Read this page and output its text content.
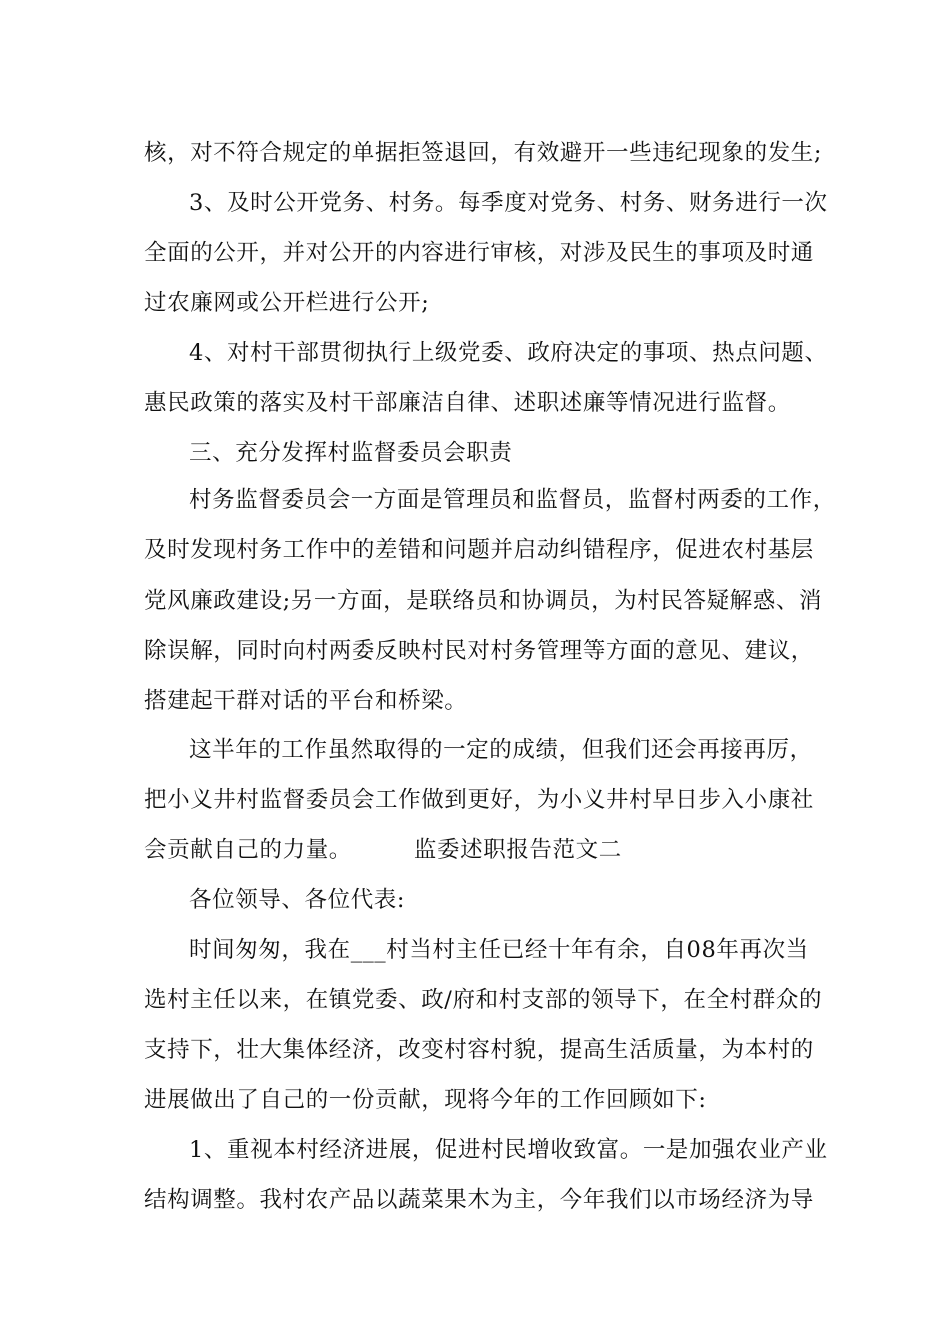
核，对不符合规定的单据拒签退回，有效避开一些违纪现象的发生;
3、及时公开党务、村务。每季度对党务、村务、财务进行一次
全面的公开，并对公开的内容进行审核，对涉及民生的事项及时通
过农廉网或公开栏进行公开;
4、对村干部贯彻执行上级党委、政府决定的事项、热点问题、
惠民政策的落实及村干部廉洁自律、述职述廉等情况进行监督。
三、充分发挥村监督委员会职责
村务监督委员会一方面是管理员和监督员，监督村两委的工作，
及时发现村务工作中的差错和问题并启动纠错程序，促进农村基层
党风廉政建设;另一方面，是联络员和协调员，为村民答疑解惑、消
除误解，同时向村两委反映村民对村务管理等方面的意见、建议，
搭建起干群对话的平台和桥梁。
这半年的工作虽然取得的一定的成绩，但我们还会再接再厉，
把小义井村监督委员会工作做到更好，为小义井村早日步入小康社
会贡献自己的力量。        监委述职报告范文二
各位领导、各位代表:
时间匆匆，我在___村当村主任已经十年有余，自08年再次当
选村主任以来，在镇党委、政/府和村支部的领导下，在全村群众的
支持下，壮大集体经济，改变村容村貌，提高生活质量，为本村的
进展做出了自己的一份贡献，现将今年的工作回顾如下:
1、重视本村经济进展，促进村民增收致富。一是加强农业产业
结构调整。我村农产品以蔬菜果木为主，今年我们以市场经济为导
